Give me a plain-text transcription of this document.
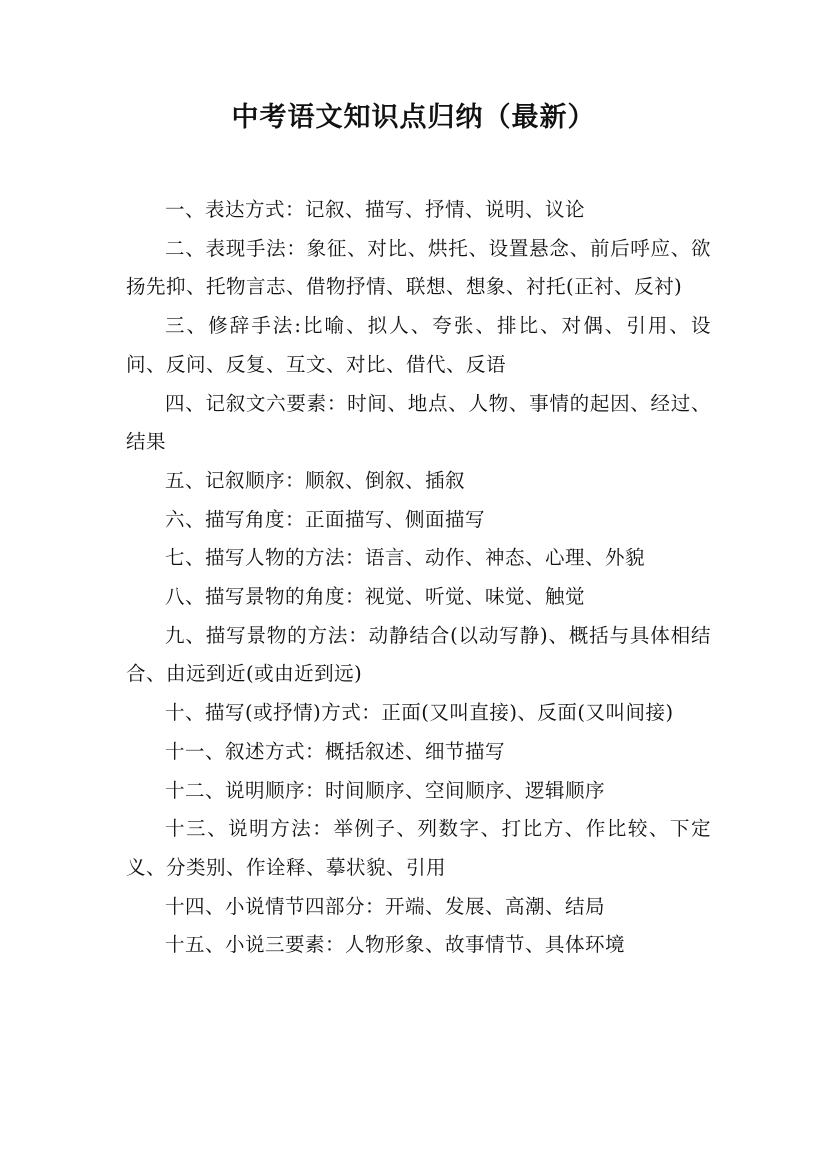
中考语文知识点归纳（最新）

一、表达方式：记叙、描写、抒情、说明、议论

二、表现手法：象征、对比、烘托、设置悬念、前后呼应、欲扬先抑、托物言志、借物抒情、联想、想象、衬托(正衬、反衬)

三、修辞手法:比喻、拟人、夸张、排比、对偶、引用、设问、反问、反复、互文、对比、借代、反语

四、记叙文六要素：时间、地点、人物、事情的起因、经过、结果

五、记叙顺序：顺叙、倒叙、插叙

六、描写角度：正面描写、侧面描写

七、描写人物的方法：语言、动作、神态、心理、外貌

八、描写景物的角度：视觉、听觉、味觉、触觉

九、描写景物的方法：动静结合(以动写静)、概括与具体相结合、由远到近(或由近到远)

十、描写(或抒情)方式：正面(又叫直接)、反面(又叫间接)

十一、叙述方式：概括叙述、细节描写

十二、说明顺序：时间顺序、空间顺序、逻辑顺序

十三、说明方法：举例子、列数字、打比方、作比较、下定义、分类别、作诠释、摹状貌、引用

十四、小说情节四部分：开端、发展、高潮、结局

十五、小说三要素：人物形象、故事情节、具体环境
